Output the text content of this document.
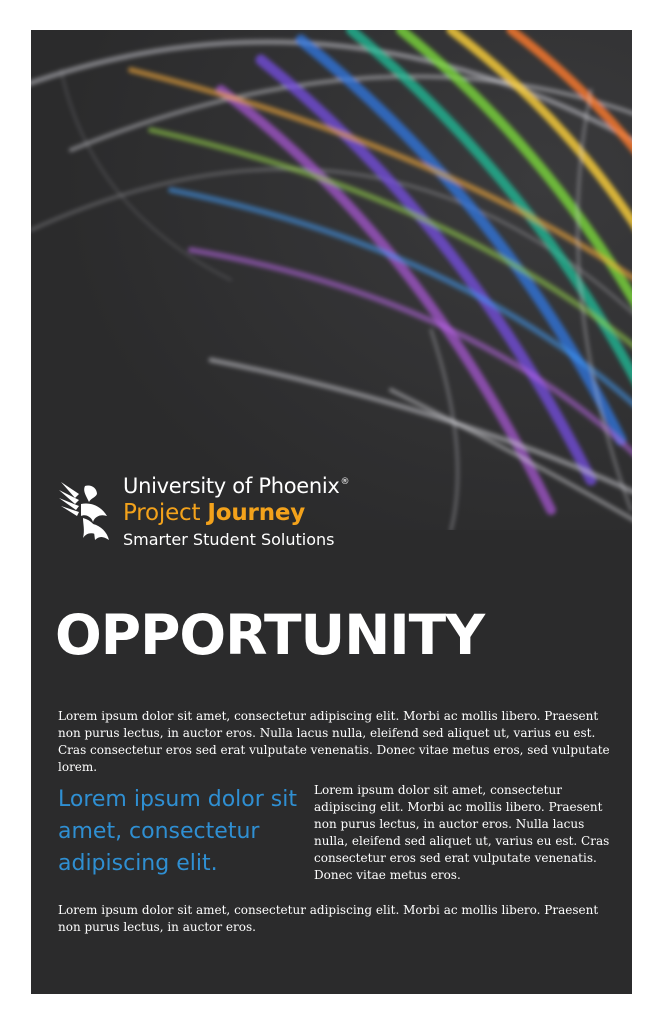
University of Phoenix®
Project Journey
Smarter Student Solutions
OPPORTUNITY

Lorem ipsum dolor sit amet, consectetur adipiscing elit. Morbi ac mollis libero. Praesent non purus lectus, in auctor eros. Nulla lacus nulla, eleifend sed aliquet ut, varius eu est. Cras consectetur eros sed erat vulputate venenatis. Donec vitae metus eros, sed vulputate lorem.

Lorem ipsum dolor sit amet, consectetur adipiscing elit.

Lorem ipsum dolor sit amet, consectetur adipiscing elit. Morbi ac mollis libero. Praesent non purus lectus, in auctor eros. Nulla lacus nulla, eleifend sed aliquet ut, varius eu est. Cras consectetur eros sed erat vulputate venenatis. Donec vitae metus eros.

Lorem ipsum dolor sit amet, consectetur adipiscing elit. Morbi ac mollis libero. Praesent non purus lectus, in auctor eros.
